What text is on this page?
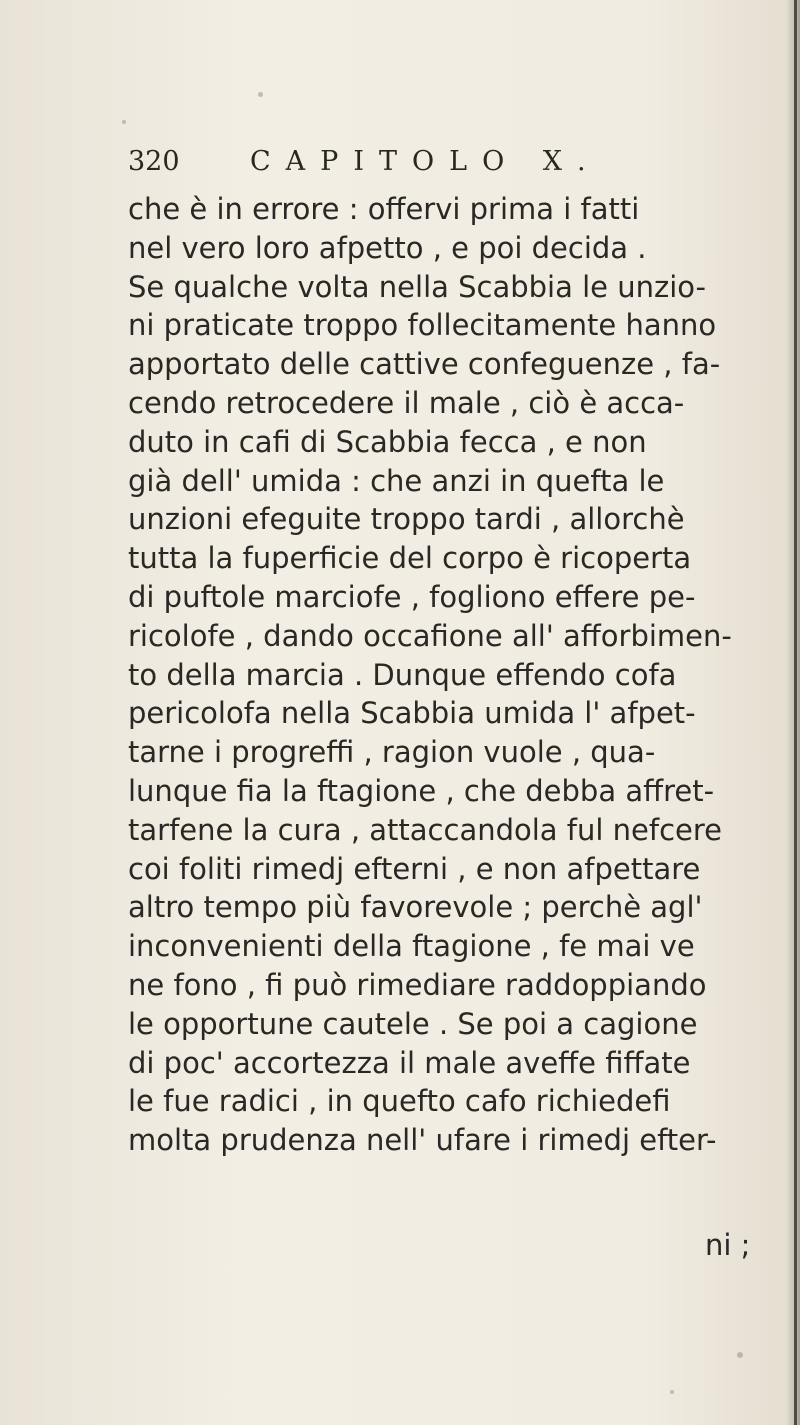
320	CAPITOLO X.
che è in errore : offervi prima i fatti
nel vero loro afpetto , e poi decida .
Se qualche volta nella Scabbia le unzio-
ni praticate troppo follecitamente hanno
apportato delle cattive confeguenze , fa-
cendo retrocedere il male , ciò è acca-
duto in cafi di Scabbia fecca , e non
già dell' umida : che anzi in quefta le
unzioni efeguite troppo tardi , allorchè
tutta la fuperficie del corpo è ricoperta
di puftole marciofe , fogliono effere pe-
ricolofe , dando occafione all' afforbimen-
to della marcia . Dunque effendo cofa
pericolofa nella Scabbia umida l' afpet-
tarne i progreffi , ragion vuole , qua-
lunque fia la ftagione , che debba affret-
tarfene la cura , attaccandola ful nefcere
coi foliti rimedj efterni , e non afpettare
altro tempo più favorevole ; perchè agl'
inconvenienti della ftagione , fe mai ve
ne fono , fi può rimediare raddoppiando
le opportune cautele . Se poi a cagione
di poc' accortezza il male aveffe fiffate
le fue radici , in quefto cafo richiedefi
molta prudenza nell' ufare i rimedj efter-
ni ;
